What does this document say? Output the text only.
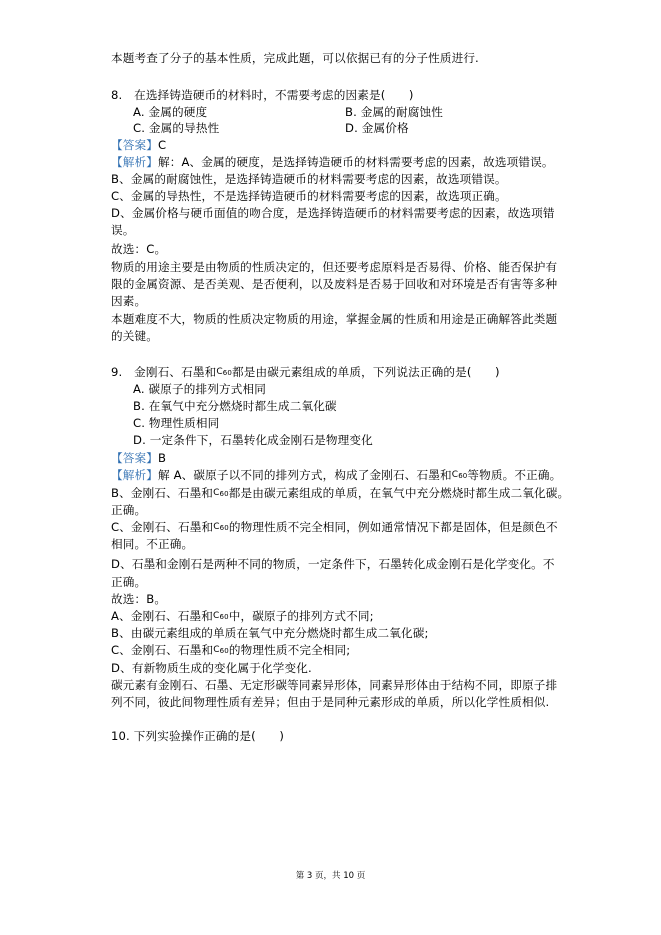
本题考查了分子的基本性质，完成此题，可以依据已有的分子性质进行.
8.　在选择铸造硬币的材料时，不需要考虑的因素是(　　)
A. 金属的硬度	B. 金属的耐腐蚀性
C. 金属的导热性	D. 金属价格
【答案】C
【解析】解：A、金属的硬度，是选择铸造硬币的材料需要考虑的因素，故选项错误。
B、金属的耐腐蚀性，是选择铸造硬币的材料需要考虑的因素，故选项错误。
C、金属的导热性，不是选择铸造硬币的材料需要考虑的因素，故选项正确。
D、金属价格与硬币面值的吻合度，是选择铸造硬币的材料需要考虑的因素，故选项错
误。
故选：C。
物质的用途主要是由物质的性质决定的，但还要考虑原料是否易得、价格、能否保护有
限的金属资源、是否美观、是否便利，以及废料是否易于回收和对环境是否有害等多种
因素。
本题难度不大，物质的性质决定物质的用途，掌握金属的性质和用途是正确解答此类题
的关键。
9.　金刚石、石墨和C60都是由碳元素组成的单质，下列说法正确的是(　　)
A. 碳原子的排列方式相同
B. 在氧气中充分燃烧时都生成二氧化碳
C. 物理性质相同
D. 一定条件下，石墨转化成金刚石是物理变化
【答案】B
【解析】解 A、碳原子以不同的排列方式，构成了金刚石、石墨和C60等物质。不正确。
B、金刚石、石墨和C60都是由碳元素组成的单质，在氧气中充分燃烧时都生成二氧化碳。
正确。
C、金刚石、石墨和C60的物理性质不完全相同，例如通常情况下都是固体，但是颜色不
相同。不正确。
D、石墨和金刚石是两种不同的物质，一定条件下，石墨转化成金刚石是化学变化。不
正确。
故选：B。
A、金刚石、石墨和C60中，碳原子的排列方式不同;
B、由碳元素组成的单质在氧气中充分燃烧时都生成二氧化碳;
C、金刚石、石墨和C60的物理性质不完全相同;
D、有新物质生成的变化属于化学变化.
碳元素有金刚石、石墨、无定形碳等同素异形体，同素异形体由于结构不同，即原子排
列不同，彼此间物理性质有差异；但由于是同种元素形成的单质，所以化学性质相似.
10. 下列实验操作正确的是(　　)
第 3 页，共 10 页
